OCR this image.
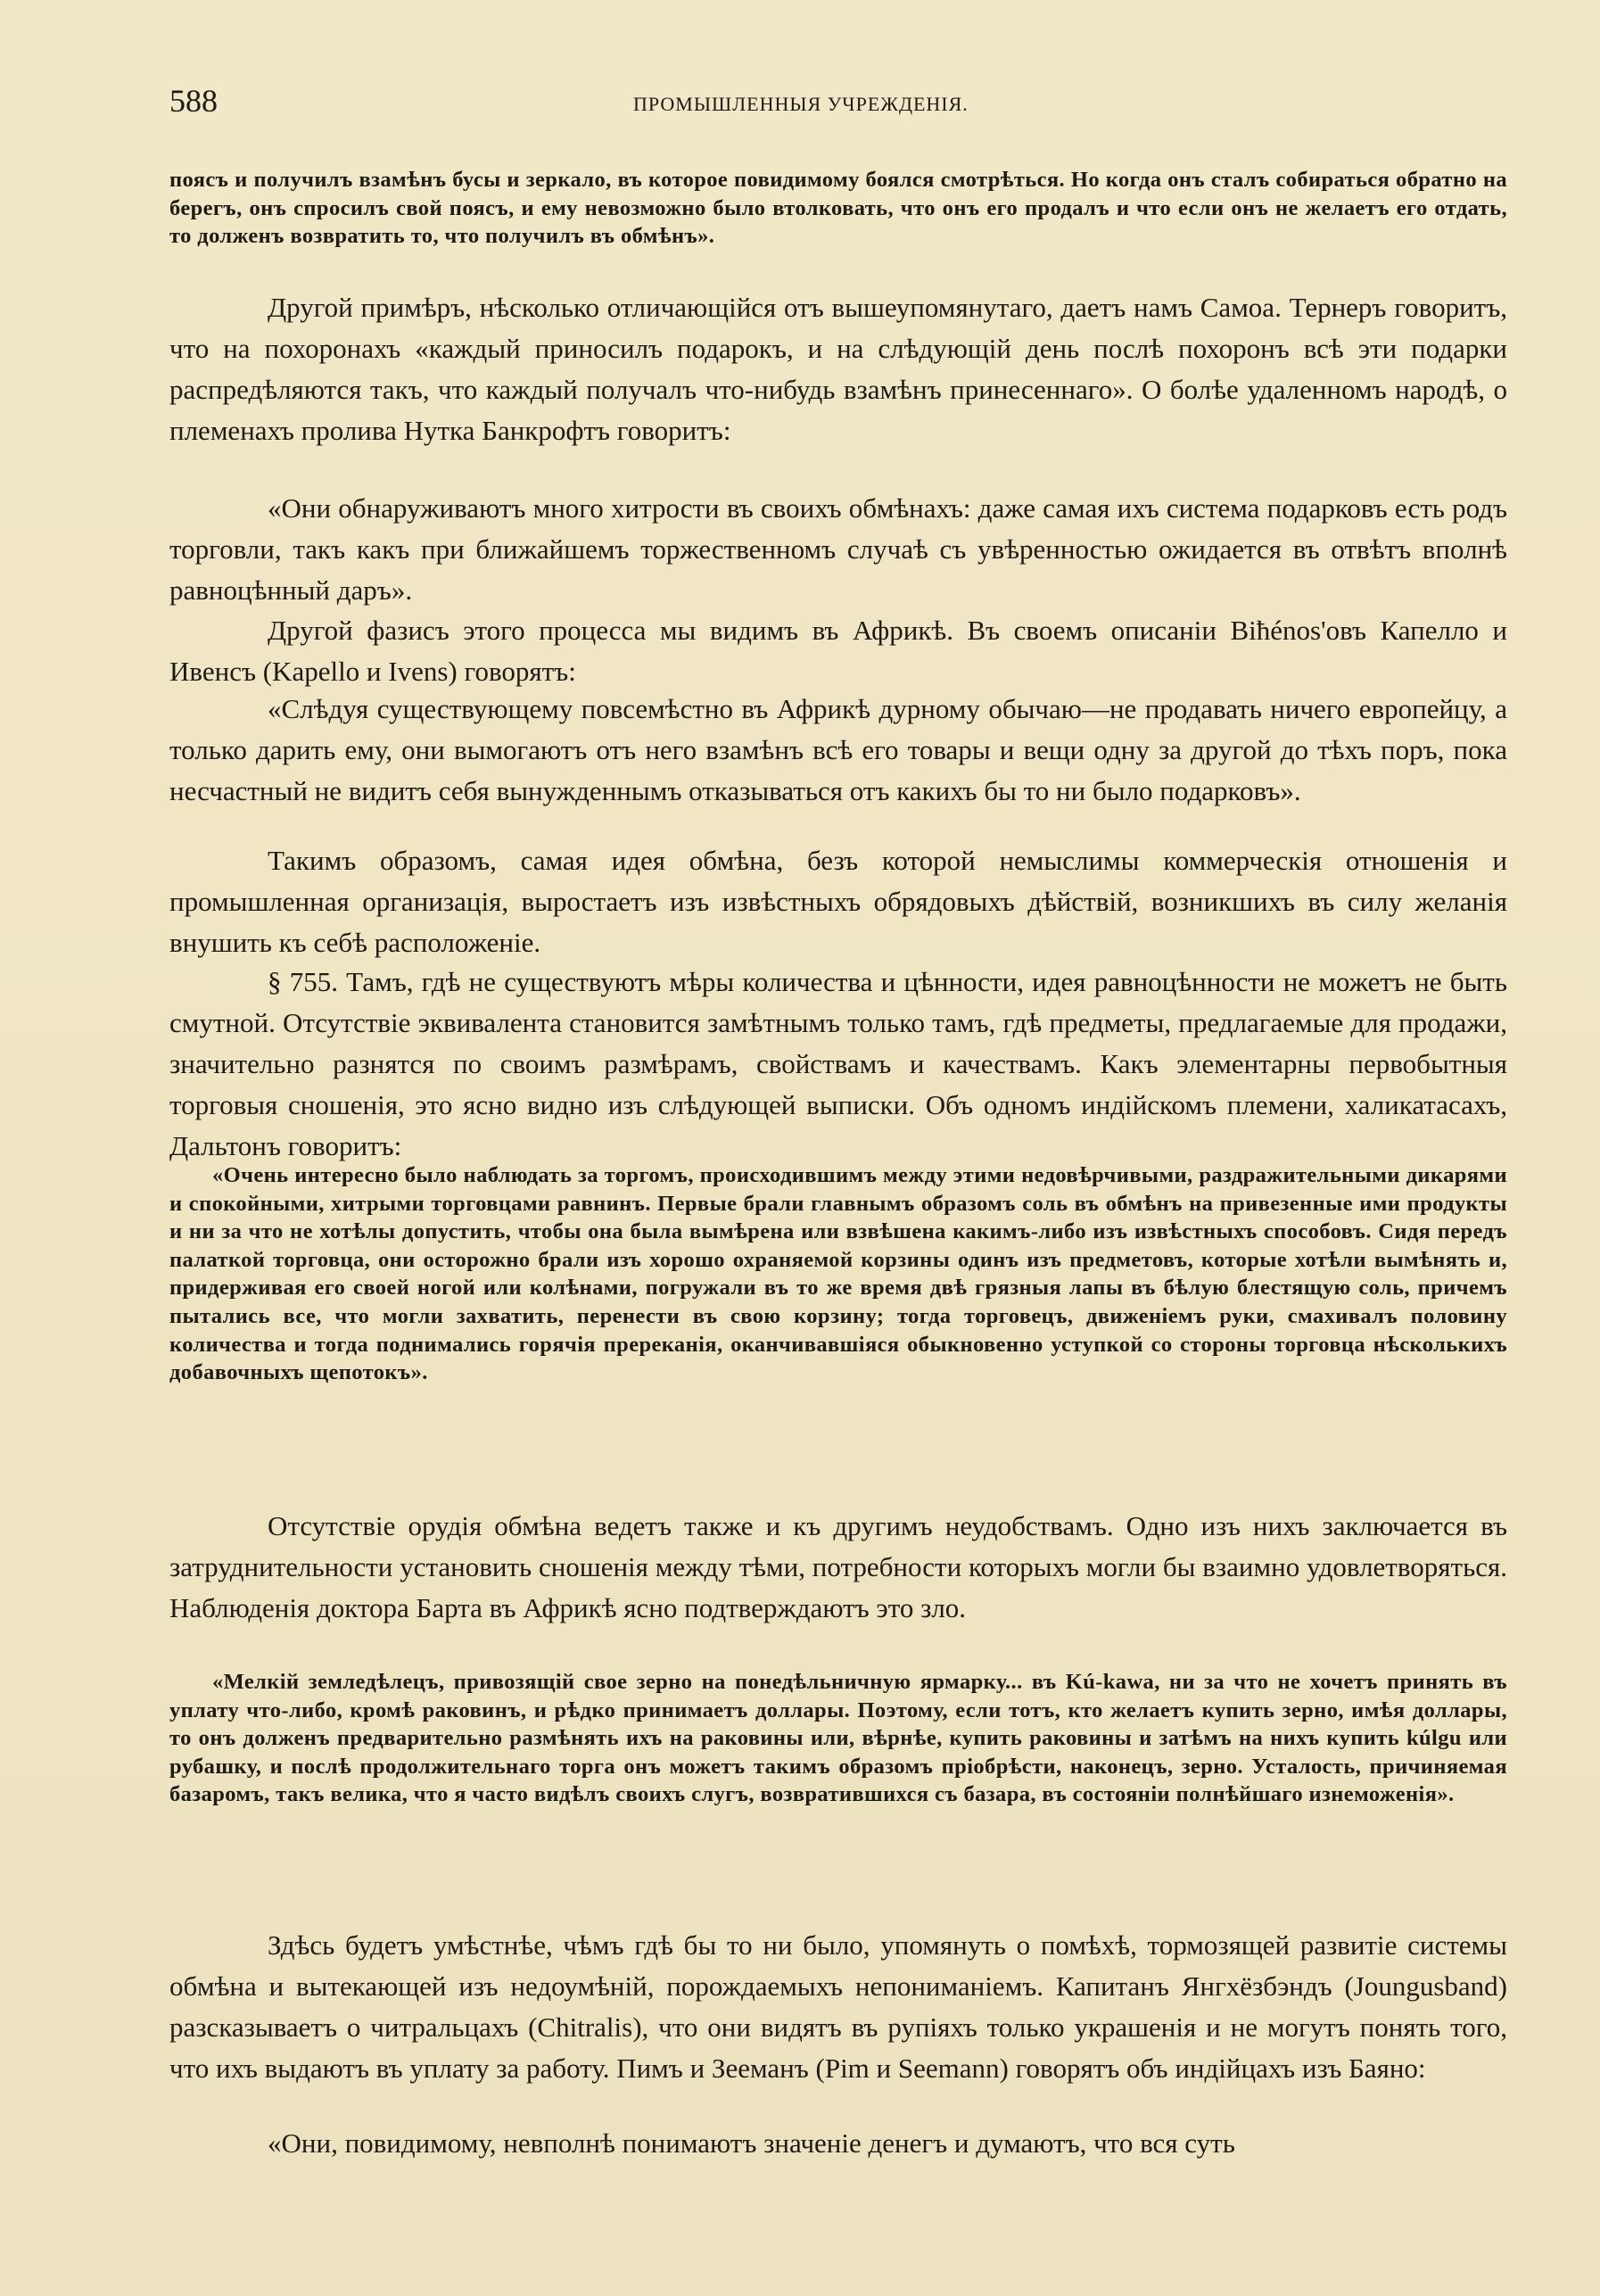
588	ПРОМЫШЛЕННЫЯ УЧРЕЖДЕНІЯ.

поясъ и получилъ взамѣнъ бусы и зеркало, въ которое повидимому боялся смотрѣться. Но когда онъ сталъ собираться обратно на берегъ, онъ спросилъ свой поясъ, и ему невозможно было втолковать, что онъ его продалъ и что если онъ не желаетъ его отдать, то долженъ возвратить то, что получилъ въ обмѣнъ».

Другой примѣръ, нѣсколько отличающійся отъ вышеупомянутаго, даетъ намъ Самоа. Тернеръ говоритъ, что на похоронахъ «каждый приносилъ подарокъ, и на слѣдующій день послѣ похоронъ всѣ эти подарки распредѣляются такъ, что каждый получалъ что-нибудь взамѣнъ принесеннаго». О болѣе удаленномъ народѣ, о племенахъ пролива Нутка Банкрофтъ говоритъ:

«Они обнаруживаютъ много хитрости въ своихъ обмѣнахъ: даже самая ихъ система подарковъ есть родъ торговли, такъ какъ при ближайшемъ торжественномъ случаѣ съ увѣренностью ожидается въ отвѣтъ вполнѣ равноцѣнный даръ».

Другой фазисъ этого процесса мы видимъ въ Африкѣ. Въ своемъ описаніи Biћénos'овъ Капелло и Ивенсъ (Kapello и Ivens) говорятъ:

«Слѣдуя существующему повсемѣстно въ Африкѣ дурному обычаю—не продавать ничего европейцу, а только дарить ему, они вымогаютъ отъ него взамѣнъ всѣ его товары и вещи одну за другой до тѣхъ поръ, пока несчастный не видитъ себя вынужденнымъ отказываться отъ какихъ бы то ни было подарковъ».

Такимъ образомъ, самая идея обмѣна, безъ которой немыслимы коммерческія отношенія и промышленная организація, выростаетъ изъ извѣстныхъ обрядовыхъ дѣйствій, возникшихъ въ силу желанія внушить къ себѣ расположеніе.

§ 755. Тамъ, гдѣ не существуютъ мѣры количества и цѣнности, идея равноцѣнности не можетъ не быть смутной. Отсутствіе эквивалента становится замѣтнымъ только тамъ, гдѣ предметы, предлагаемые для продажи, значительно разнятся по своимъ размѣрамъ, свойствамъ и качествамъ. Какъ элементарны первобытныя торговыя сношенія, это ясно видно изъ слѣдующей выписки. Объ одномъ индійскомъ племени, халикатасахъ, Дальтонъ говоритъ:

«Очень интересно было наблюдать за торгомъ, происходившимъ между этими недовѣрчивыми, раздражительными дикарями и спокойными, хитрыми торговцами равнинъ. Первые брали главнымъ образомъ соль въ обмѣнъ на привезенные ими продукты и ни за что не хотѣлы допустить, чтобы она была вымѣрена или взвѣшена какимъ-либо изъ извѣстныхъ способовъ. Сидя передъ палаткой торговца, они осторожно брали изъ хорошо охраняемой корзины одинъ изъ предметовъ, которые хотѣли вымѣнять и, придерживая его своей ногой или колѣнами, погружали въ то же время двѣ грязныя лапы въ бѣлую блестящую соль, причемъ пытались все, что могли захватить, перенести въ свою корзину; тогда торговецъ, движеніемъ руки, смахивалъ половину количества и тогда поднимались горячія пререканія, оканчивавшіяся обыкновенно уступкой со стороны торговца нѣсколькихъ добавочныхъ щепотокъ».

Отсутствіе орудія обмѣна ведетъ также и къ другимъ неудобствамъ. Одно изъ нихъ заключается въ затруднительности установить сношенія между тѣми, потребности которыхъ могли бы взаимно удовлетворяться. Наблюденія доктора Барта въ Африкѣ ясно подтверждаютъ это зло.

«Мелкій земледѣлецъ, привозящій свое зерно на понедѣльничную ярмарку... въ Kú-kawa, ни за что не хочетъ принять въ уплату что-либо, кромѣ раковинъ, и рѣдко принимаетъ доллары. Поэтому, если тотъ, кто желаетъ купить зерно, имѣя доллары, то онъ долженъ предварительно размѣнять ихъ на раковины или, вѣрнѣе, купить раковины и затѣмъ на нихъ купить kúlgu или рубашку, и послѣ продолжительнаго торга онъ можетъ такимъ образомъ пріобрѣсти, наконецъ, зерно. Усталость, причиняемая базаромъ, такъ велика, что я часто видѣлъ своихъ слугъ, возвратившихся съ базара, въ состояніи полнѣйшаго изнеможенія».

Здѣсь будетъ умѣстнѣе, чѣмъ гдѣ бы то ни было, упомянуть о помѣхѣ, тормозящей развитіе системы обмѣна и вытекающей изъ недоумѣній, порождаемыхъ непониманіемъ. Капитанъ Янгхёзбэндъ (Joungusband) разсказываетъ о читральцахъ (Chitralis), что они видятъ въ рупіяхъ только украшенія и не могутъ понять того, что ихъ выдаютъ въ уплату за работу. Пимъ и Зееманъ (Pim и Seemann) говорятъ объ индійцахъ изъ Баяно:

«Они, повидимому, невполнѣ понимаютъ значеніе денегъ и думаютъ, что вся суть
